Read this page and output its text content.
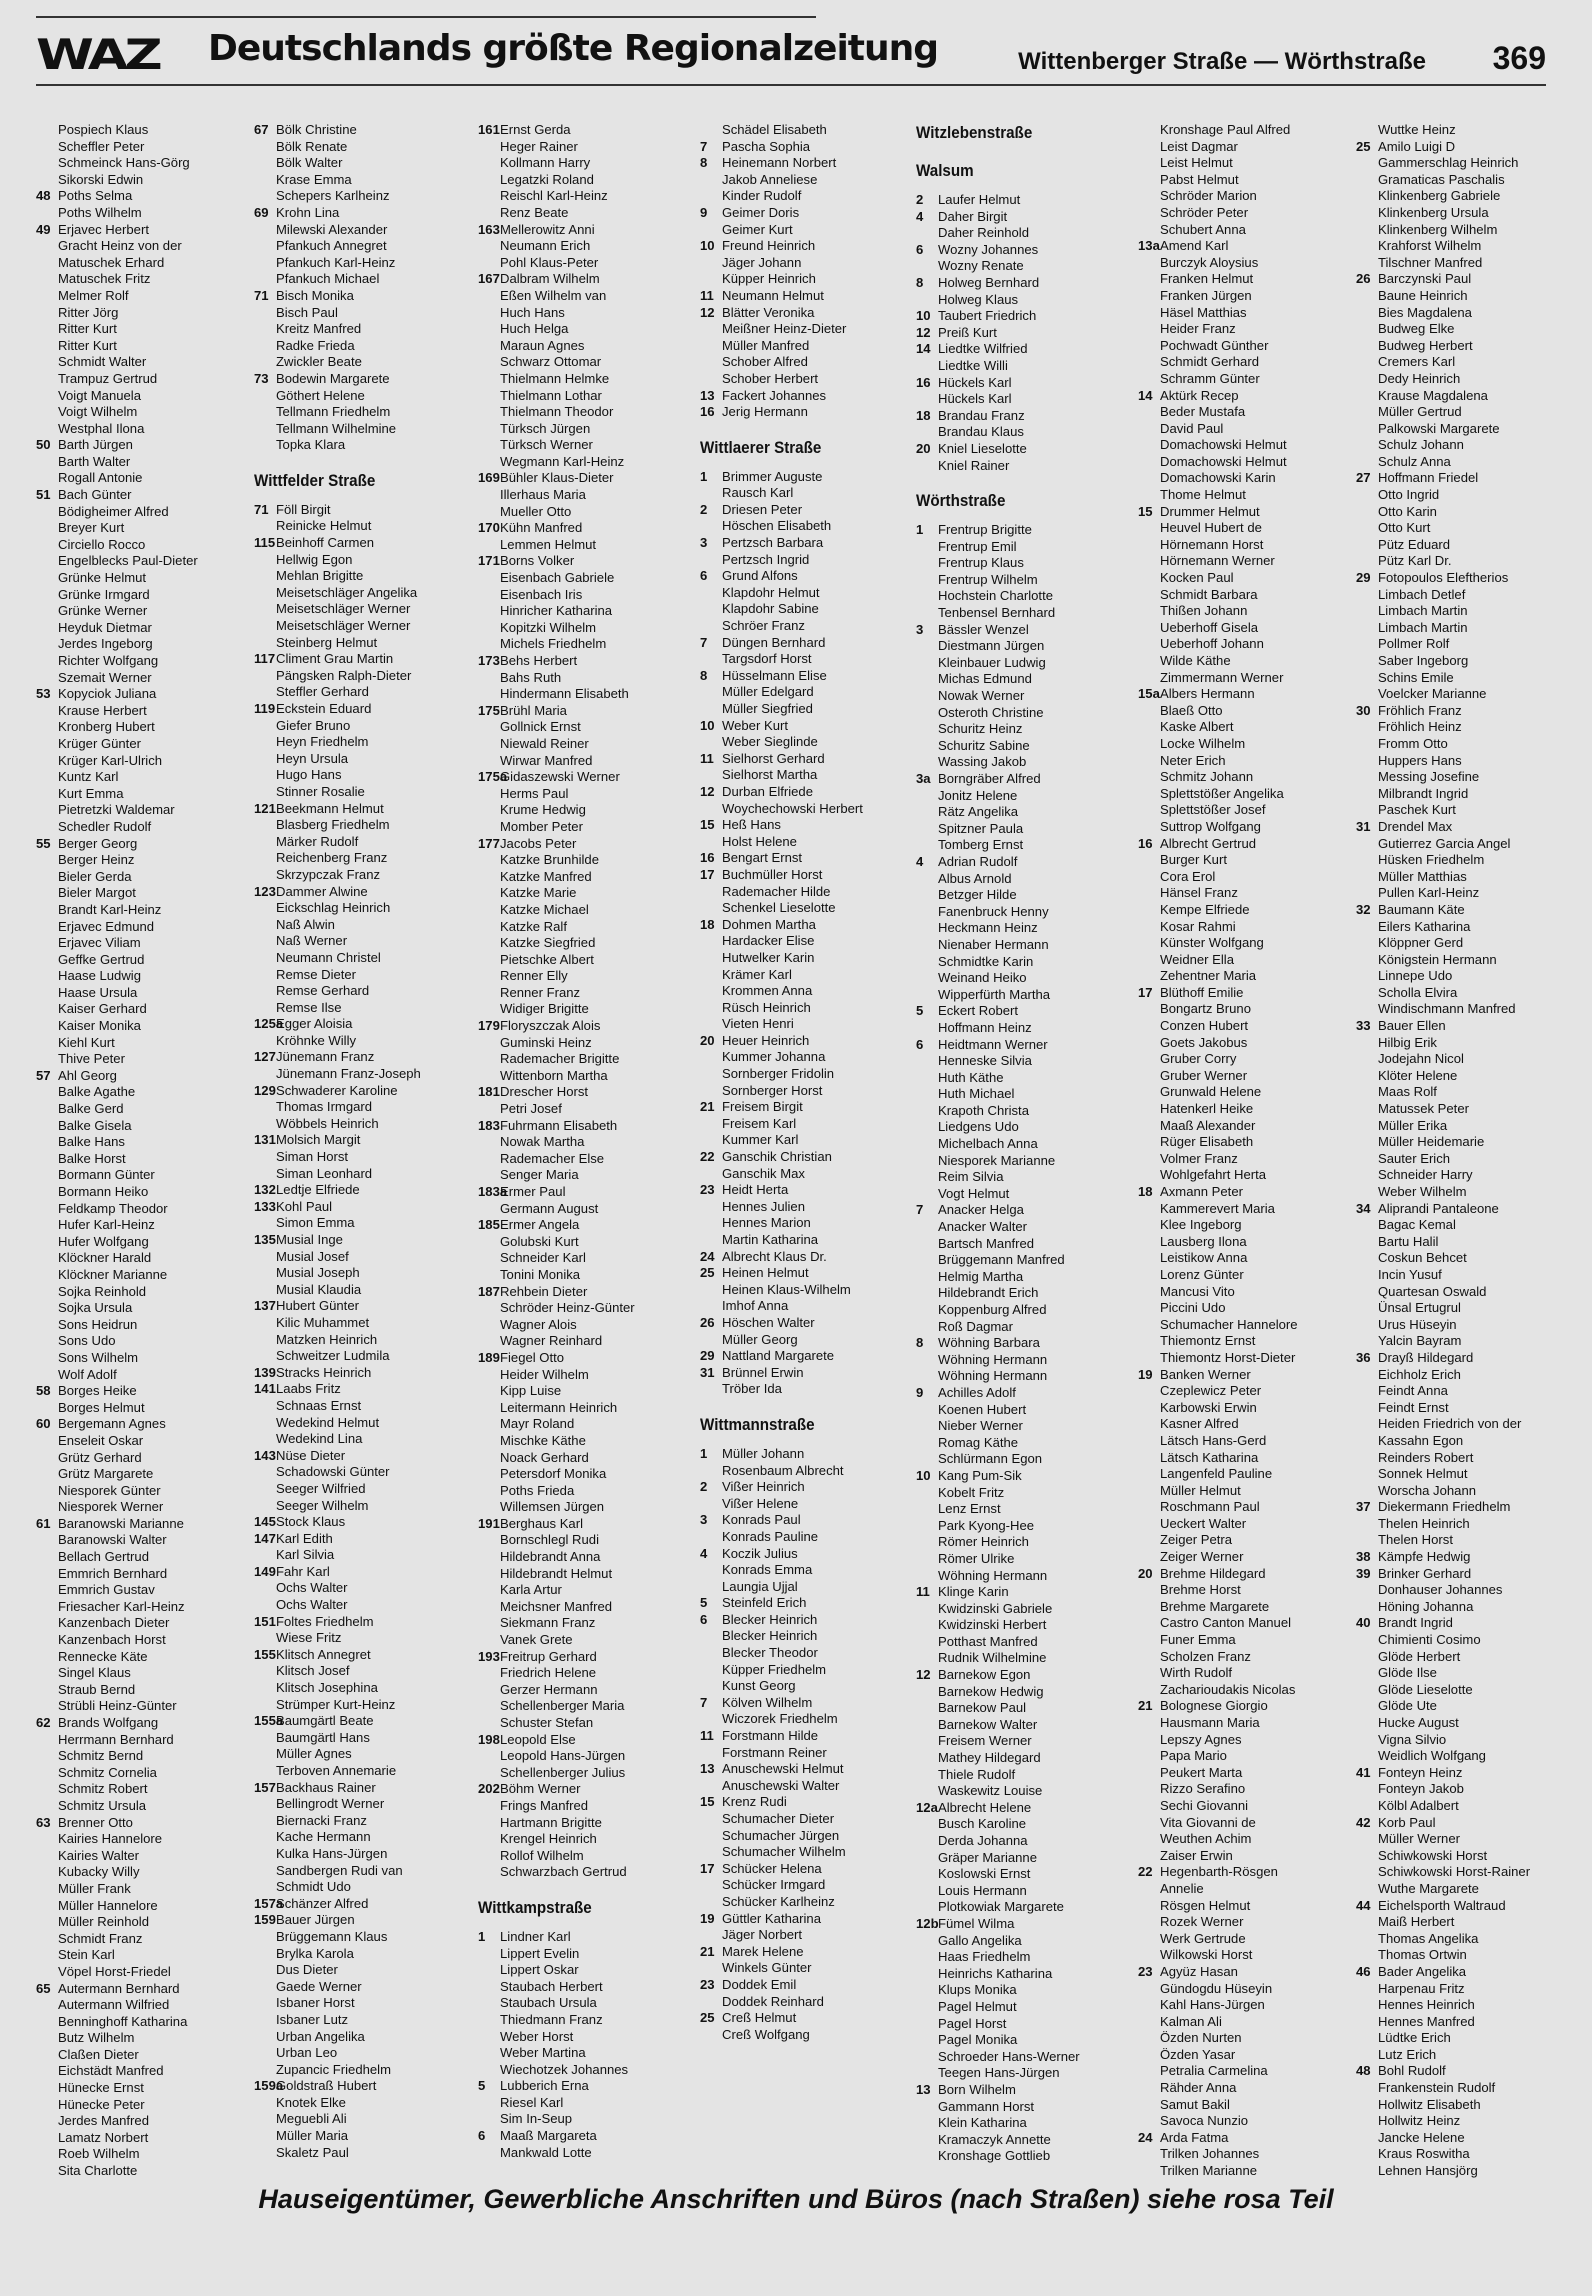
WAZ Deutschlands größte Regionalzeitung	Wittenberger Straße — Wörthstraße 369
Pospiech Klaus
Scheffler Peter
Schmeinck Hans-Görg
Sikorski Edwin
48 Poths Selma
Poths Wilhelm
49 Erjavec Herbert
Gracht Heinz von der
Matuschek Erhard
Matuschek Fritz
Melmer Rolf
Ritter Jörg
Ritter Kurt
Ritter Kurt
Schmidt Walter
Trampuz Gertrud
Voigt Manuela
Voigt Wilhelm
Westphal Ilona
50 Barth Jürgen
Barth Walter
Rogall Antonie
51 Bach Günter
Bödigheimer Alfred
Breyer Kurt
Circiello Rocco
Engelblecks Paul-Dieter
Grünke Helmut
Grünke Irmgard
Grünke Werner
Heyduk Dietmar
Jerdes Ingeborg
Richter Wolfgang
Szemait Werner
53 Kopyciok Juliana
Krause Herbert
Kronberg Hubert
Krüger Günter
Krüger Karl-Ulrich
Kuntz Karl
Kurt Emma
Pietretzki Waldemar
Schedler Rudolf
55 Berger Georg
Berger Heinz
Bieler Gerda
Bieler Margot
Brandt Karl-Heinz
Erjavec Edmund
Erjavec Viliam
Geffke Gertrud
Haase Ludwig
Haase Ursula
Kaiser Gerhard
Kaiser Monika
Kiehl Kurt
Thive Peter
57 Ahl Georg
Balke Agathe
Balke Gerd
Balke Gisela
Balke Hans
Balke Horst
Bormann Günter
Bormann Heiko
Feldkamp Theodor
Hufer Karl-Heinz
Hufer Wolfgang
Klöckner Harald
Klöckner Marianne
Sojka Reinhold
Sojka Ursula
Sons Heidrun
Sons Udo
Sons Wilhelm
Wolf Adolf
58 Borges Heike
Borges Helmut
60 Bergemann Agnes
Enseleit Oskar
Grütz Gerhard
Grütz Margarete
Niesporek Günter
Niesporek Werner
61 Baranowski Marianne
Baranowski Walter
Bellach Gertrud
Emmrich Bernhard
Emmrich Gustav
Friesacher Karl-Heinz
Kanzenbach Dieter
Kanzenbach Horst
Rennecke Käte
Singel Klaus
Straub Bernd
Strübli Heinz-Günter
62 Brands Wolfgang
Herrmann Bernhard
Schmitz Bernd
Schmitz Cornelia
Schmitz Robert
Schmitz Ursula
63 Brenner Otto
Kairies Hannelore
Kairies Walter
Kubacky Willy
Müller Frank
Müller Hannelore
Müller Reinhold
Schmidt Franz
Stein Karl
Vöpel Horst-Friedel
65 Autermann Bernhard
Autermann Wilfried
Benninghoff Katharina
Butz Wilhelm
Claßen Dieter
Eichstädt Manfred
Hünecke Ernst
Hünecke Peter
Jerdes Manfred
Lamatz Norbert
Roeb Wilhelm
Sita Charlotte
67 Bölk Christine
Bölk Renate
Bölk Walter
Krase Emma
Schepers Karlheinz
69 Krohn Lina
Milewski Alexander
Pfankuch Annegret
Pfankuch Karl-Heinz
Pfankuch Michael
71 Bisch Monika
Bisch Paul
Kreitz Manfred
Radke Frieda
Zwickler Beate
73 Bodewin Margarete
Göthert Helene
Tellmann Friedhelm
Tellmann Wilhelmine
Topka Klara
Wittfelder Straße
71 Föll Birgit
Reinicke Helmut
115 Beinhoff Carmen
Hellwig Egon
Mehlan Brigitte
Meisetschläger Angelika
Meisetschläger Werner
Meisetschläger Werner
Steinberg Helmut
117 Climent Grau Martin
Pängsken Ralph-Dieter
Steffler Gerhard
119 Eckstein Eduard
Giefer Bruno
Heyn Friedhelm
Heyn Ursula
Hugo Hans
Stinner Rosalie
121 Beekmann Helmut
Blasberg Friedhelm
Märker Rudolf
Reichenberg Franz
Skrzypczak Franz
123 Dammer Alwine
Eickschlag Heinrich
Naß Alwin
Naß Werner
Neumann Christel
Remse Dieter
Remse Gerhard
Remse Ilse
125a
Egger Aloisia
Kröhnke Willy
127 Jünemann Franz
Jünemann Franz-Joseph
129 Schwaderer Karoline
Thomas Irmgard
Wöbbels Heinrich
131 Molsich Margit
Siman Horst
Siman Leonhard
132 Ledtje Elfriede
133 Kohl Paul
Simon Emma
135 Musial Inge
Musial Josef
Musial Joseph
Musial Klaudia
137 Hubert Günter
Kilic Muhammet
Matzken Heinrich
Schweitzer Ludmila
139 Stracks Heinrich
141 Laabs Fritz
Schnaas Ernst
Wedekind Helmut
Wedekind Lina
143 Nüse Dieter
Schadowski Günter
Seeger Wilfried
Seeger Wilhelm
145 Stock Klaus
147 Karl Edith
Karl Silvia
149 Fahr Karl
Ochs Walter
Ochs Walter
151 Foltes Friedhelm
Wiese Fritz
155 Klitsch Annegret
Klitsch Josef
Klitsch Josephina
Strümper Kurt-Heinz
155a
Baumgärtl Beate
Baumgärtl Hans
Müller Agnes
Terboven Annemarie
157 Backhaus Rainer
Bellingrodt Werner
Biernacki Franz
Kache Hermann
Kulka Hans-Jürgen
Sandbergen Rudi van
Schmidt Udo
157a
Schänzer Alfred
159 Bauer Jürgen
Brüggemann Klaus
Brylka Karola
Dus Dieter
Gaede Werner
Isbaner Horst
Isbaner Lutz
Urban Angelika
Urban Leo
Zupancic Friedhelm
159a
Goldstraß Hubert
Knotek Elke
Meguebli Ali
Müller Maria
Skaletz Paul
161 Ernst Gerda
Heger Rainer
Kollmann Harry
Legatzki Roland
Reischl Karl-Heinz
Renz Beate
163 Mellerowitz Anni
Neumann Erich
Pohl Klaus-Peter
167 Dalbram Wilhelm
Eßen Wilhelm van
Huch Hans
Huch Helga
Maraun Agnes
Schwarz Ottomar
Thielmann Helmke
Thielmann Lothar
Thielmann Theodor
Türksch Jürgen
Türksch Werner
Wegmann Karl-Heinz
169 Bühler Klaus-Dieter
Illerhaus Maria
Mueller Otto
170 Kühn Manfred
Lemmen Helmut
171 Borns Volker
Eisenbach Gabriele
Eisenbach Iris
Hinricher Katharina
Kopitzki Wilhelm
Michels Friedhelm
173 Behs Herbert
Bahs Ruth
Hindermann Elisabeth
175 Brühl Maria
Gollnick Ernst
Niewald Reiner
Wirwar Manfred
175a
Gidaszewski Werner
Herms Paul
Krume Hedwig
Momber Peter
177 Jacobs Peter
Katzke Brunhilde
Katzke Manfred
Katzke Marie
Katzke Michael
Katzke Ralf
Katzke Siegfried
Pietschke Albert
Renner Elly
Renner Franz
Widiger Brigitte
179 Floryszczak Alois
Guminski Heinz
Rademacher Brigitte
Wittenborn Martha
181 Drescher Horst
Petri Josef
183 Fuhrmann Elisabeth
Nowak Martha
Rademacher Else
Senger Maria
183a
Ermer Paul
Germann August
185 Ermer Angela
Golubski Kurt
Schneider Karl
Tonini Monika
187 Rehbein Dieter
Schröder Heinz-Günter
Wagner Alois
Wagner Reinhard
189 Fiegel Otto
Heider Wilhelm
Kipp Luise
Leitermann Heinrich
Mayr Roland
Mischke Käthe
Noack Gerhard
Petersdorf Monika
Poths Frieda
Willemsen Jürgen
191 Berghaus Karl
Bornschlegl Rudi
Hildebrandt Anna
Hildebrandt Helmut
Karla Artur
Meichsner Manfred
Siekmann Franz
Vanek Grete
193 Freitrup Gerhard
Friedrich Helene
Gerzer Hermann
Schellenberger Maria
Schuster Stefan
198 Leopold Else
Leopold Hans-Jürgen
Schellenberger Julius
202 Böhm Werner
Frings Manfred
Hartmann Brigitte
Krengel Heinrich
Rollof Wilhelm
Schwarzbach Gertrud
Wittkampstraße
1 Lindner Karl
Lippert Evelin
Lippert Oskar
Staubach Herbert
Staubach Ursula
Thiedmann Franz
Weber Horst
Weber Martina
Wiechotzek Johannes
5 Lubberich Erna
Riesel Karl
Sim In-Seup
6 Maaß Margareta
Mankwald Lotte
Schädel Elisabeth
7 Pascha Sophia
8 Heinemann Norbert
Jakob Anneliese
Kinder Rudolf
9 Geimer Doris
Geimer Kurt
10 Freund Heinrich
Jäger Johann
Küpper Heinrich
11 Neumann Helmut
12 Blätter Veronika
Meißner Heinz-Dieter
Müller Manfred
Schober Alfred
Schober Herbert
13 Fackert Johannes
16 Jerig Hermann
Wittlaerer Straße
1 Brimmer Auguste
Rausch Karl
2 Driesen Peter
Höschen Elisabeth
3 Pertzsch Barbara
Pertzsch Ingrid
6 Grund Alfons
Klapdohr Helmut
Klapdohr Sabine
Schröer Franz
7 Düngen Bernhard
Targsdorf Horst
8 Hüsselmann Elise
Müller Edelgard
Müller Siegfried
10 Weber Kurt
Weber Sieglinde
11 Sielhorst Gerhard
Sielhorst Martha
12 Durban Elfriede
Woychechowski Herbert
15 Heß Hans
Holst Helene
16 Bengart Ernst
17 Buchmüller Horst
Rademacher Hilde
Schenkel Lieselotte
18 Dohmen Martha
Hardacker Elise
Hutwelker Karin
Krämer Karl
Krommen Anna
Rüsch Heinrich
Vieten Henri
20 Heuer Heinrich
Kummer Johanna
Sornberger Fridolin
Sornberger Horst
21 Freisem Birgit
Freisem Karl
Kummer Karl
22 Ganschik Christian
Ganschik Max
23 Heidt Herta
Hennes Julien
Hennes Marion
Martin Katharina
24 Albrecht Klaus Dr.
25 Heinen Helmut
Heinen Klaus-Wilhelm
Imhof Anna
26 Höschen Walter
Müller Georg
29 Nattland Margarete
31 Brünnel Erwin
Tröber Ida
Wittmannstraße
1 Müller Johann
Rosenbaum Albrecht
2 Vißer Heinrich
Vißer Helene
3 Konrads Paul
Konrads Pauline
4 Koczik Julius
Konrads Emma
Laungia Ujjal
5 Steinfeld Erich
6 Blecker Heinrich
Blecker Heinrich
Blecker Theodor
Küpper Friedhelm
Kunst Georg
7 Kölven Wilhelm
Wiczorek Friedhelm
11 Forstmann Hilde
Forstmann Reiner
13 Anuschewski Helmut
Anuschewski Walter
15 Krenz Rudi
Schumacher Dieter
Schumacher Jürgen
Schumacher Wilhelm
17 Schücker Helena
Schücker Irmgard
Schücker Karlheinz
19 Güttler Katharina
Jäger Norbert
21 Marek Helene
Winkels Günter
23 Doddek Emil
Doddek Reinhard
25 Creß Helmut
Creß Wolfgang
Witzlebenstraße
Walsum
2 Laufer Helmut
4 Daher Birgit
Daher Reinhold
6 Wozny Johannes
Wozny Renate
8 Holweg Bernhard
Holweg Klaus
10 Taubert Friedrich
12 Preiß Kurt
14 Liedtke Wilfried
Liedtke Willi
16 Hückels Karl
Hückels Karl
18 Brandau Franz
Brandau Klaus
20 Kniel Lieselotte
Kniel Rainer
Wörthstraße
1 Frentrup Brigitte
Frentrup Emil
Frentrup Klaus
Frentrup Wilhelm
Hochstein Charlotte
Tenbensel Bernhard
3 Bässler Wenzel
Diestmann Jürgen
Kleinbauer Ludwig
Michas Edmund
Nowak Werner
Osteroth Christine
Schuritz Heinz
Schuritz Sabine
Wassing Jakob
3a Borngräber Alfred
Jonitz Helene
Rätz Angelika
Spitzner Paula
Tomberg Ernst
4 Adrian Rudolf
Albus Arnold
Betzger Hilde
Fanenbruck Henny
Heckmann Heinz
Nienaber Hermann
Schmidtke Karin
Weinand Heiko
Wipperfürth Martha
5 Eckert Robert
Hoffmann Heinz
6 Heidtmann Werner
Henneske Silvia
Huth Käthe
Huth Michael
Krapoth Christa
Liedgens Udo
Michelbach Anna
Niesporek Marianne
Reim Silvia
Vogt Helmut
7 Anacker Helga
Anacker Walter
Bartsch Manfred
Brüggemann Manfred
Helmig Martha
Hildebrandt Erich
Koppenburg Alfred
Roß Dagmar
8 Wöhning Barbara
Wöhning Hermann
Wöhning Hermann
9 Achilles Adolf
Koenen Hubert
Nieber Werner
Romag Käthe
Schlürmann Egon
10 Kang Pum-Sik
Kobelt Fritz
Lenz Ernst
Park Kyong-Hee
Römer Heinrich
Römer Ulrike
Wöhning Hermann
11 Klinge Karin
Kwidzinski Gabriele
Kwidzinski Herbert
Potthast Manfred
Rudnik Wilhelmine
12 Barnekow Egon
Barnekow Hedwig
Barnekow Paul
Barnekow Walter
Freisem Werner
Mathey Hildegard
Thiele Rudolf
Waskewitz Louise
12a Albrecht Helene
Busch Karoline
Derda Johanna
Gräper Marianne
Koslowski Ernst
Louis Hermann
Plotkowiak Margarete
12b Fümel Wilma
Gallo Angelika
Haas Friedhelm
Heinrichs Katharina
Klups Monika
Pagel Helmut
Pagel Horst
Pagel Monika
Schroeder Hans-Werner
Teegen Hans-Jürgen
13 Born Wilhelm
Gammann Horst
Klein Katharina
Kramaczyk Annette
Kronshage Gottlieb
Kronshage Paul Alfred
Leist Dagmar
Leist Helmut
Pabst Helmut
Schröder Marion
Schröder Peter
Schubert Anna
13a Amend Karl
Burczyk Aloysius
Franken Helmut
Franken Jürgen
Häsel Matthias
Heider Franz
Pochwadt Günther
Schmidt Gerhard
Schramm Günter
14 Aktürk Recep
Beder Mustafa
David Paul
Domachowski Helmut
Domachowski Helmut
Domachowski Karin
Thome Helmut
15 Drummer Helmut
Heuvel Hubert de
Hörnemann Horst
Hörnemann Werner
Kocken Paul
Schmidt Barbara
Thißen Johann
Ueberhoff Gisela
Ueberhoff Johann
Wilde Käthe
Zimmermann Werner
15a Albers Hermann
Blaeß Otto
Kaske Albert
Locke Wilhelm
Neter Erich
Schmitz Johann
Splettstößer Angelika
Splettstößer Josef
Suttrop Wolfgang
16 Albrecht Gertrud
Burger Kurt
Cora Erol
Hänsel Franz
Kempe Elfriede
Kosar Rahmi
Künster Wolfgang
Weidner Ella
Zehentner Maria
17 Blüthoff Emilie
Bongartz Bruno
Conzen Hubert
Goets Jakobus
Gruber Corry
Gruber Werner
Grunwald Helene
Hatenkerl Heike
Maaß Alexander
Rüger Elisabeth
Volmer Franz
Wohlgefahrt Herta
18 Axmann Peter
Kammerevert Maria
Klee Ingeborg
Lausberg Ilona
Leistikow Anna
Lorenz Günter
Mancusi Vito
Piccini Udo
Schumacher Hannelore
Thiemontz Ernst
Thiemontz Horst-Dieter
19 Banken Werner
Czeplewicz Peter
Karbowski Erwin
Kasner Alfred
Lätsch Hans-Gerd
Lätsch Katharina
Langenfeld Pauline
Müller Helmut
Roschmann Paul
Ueckert Walter
Zeiger Petra
Zeiger Werner
20 Brehme Hildegard
Brehme Horst
Brehme Margarete
Castro Canton Manuel
Funer Emma
Scholzen Franz
Wirth Rudolf
Zacharioudakis Nicolas
21 Bolognese Giorgio
Hausmann Maria
Lepszy Agnes
Papa Mario
Peukert Marta
Rizzo Serafino
Sechi Giovanni
Vita Giovanni de
Weuthen Achim
Zaiser Erwin
22 Hegenbarth-Rösgen
Annelie
Rösgen Helmut
Rozek Werner
Werk Gertrude
Wilkowski Horst
23 Agyüz Hasan
Gündogdu Hüseyin
Kahl Hans-Jürgen
Kalman Ali
Özden Nurten
Özden Yasar
Petralia Carmelina
Rähder Anna
Samut Bakil
Savoca Nunzio
24 Arda Fatma
Trilken Johannes
Trilken Marianne
Wuttke Heinz
25 Amilo Luigi D
Gammerschlag Heinrich
Gramaticas Paschalis
Klinkenberg Gabriele
Klinkenberg Ursula
Klinkenberg Wilhelm
Krahforst Wilhelm
Tilschner Manfred
26 Barczynski Paul
Baune Heinrich
Bies Magdalena
Budweg Elke
Budweg Herbert
Cremers Karl
Dedy Heinrich
Krause Magdalena
Müller Gertrud
Palkowski Margarete
Schulz Johann
Schulz Anna
27 Hoffmann Friedel
Otto Ingrid
Otto Karin
Otto Kurt
Pütz Eduard
Pütz Karl Dr.
29 Fotopoulos Eleftherios
Limbach Detlef
Limbach Martin
Limbach Martin
Pollmer Rolf
Saber Ingeborg
Schins Emile
Voelcker Marianne
30 Fröhlich Franz
Fröhlich Heinz
Fromm Otto
Huppers Hans
Messing Josefine
Milbrandt Ingrid
Paschek Kurt
31 Drendel Max
Gutierrez Garcia Angel
Hüsken Friedhelm
Müller Matthias
Pullen Karl-Heinz
32 Baumann Käte
Eilers Katharina
Klöppner Gerd
Königstein Hermann
Linnepe Udo
Scholla Elvira
Windischmann Manfred
33 Bauer Ellen
Hilbig Erik
Jodejahn Nicol
Klöter Helene
Maas Rolf
Matussek Peter
Müller Erika
Müller Heidemarie
Sauter Erich
Schneider Harry
Weber Wilhelm
34 Aliprandi Pantaleone
Bagac Kemal
Bartu Halil
Coskun Behcet
Incin Yusuf
Quartesan Oswald
Ünsal Ertugrul
Urus Hüseyin
Yalcin Bayram
36 Drayß Hildegard
Eichholz Erich
Feindt Anna
Feindt Ernst
Heiden Friedrich von der
Kassahn Egon
Reinders Robert
Sonnek Helmut
Worscha Johann
37 Diekermann Friedhelm
Thelen Heinrich
Thelen Horst
38 Kämpfe Hedwig
39 Brinker Gerhard
Donhauser Johannes
Höning Johanna
40 Brandt Ingrid
Chimienti Cosimo
Glöde Herbert
Glöde Ilse
Glöde Lieselotte
Glöde Ute
Hucke August
Vigna Silvio
Weidlich Wolfgang
41 Fonteyn Heinz
Fonteyn Jakob
Kölbl Adalbert
42 Korb Paul
Müller Werner
Schiwkowski Horst
Schiwkowski Horst-Rainer
Wuthe Margarete
44 Eichelsporth Waltraud
Maiß Herbert
Thomas Angelika
Thomas Ortwin
46 Bader Angelika
Harpenau Fritz
Hennes Heinrich
Hennes Manfred
Lüdtke Erich
Lutz Erich
48 Bohl Rudolf
Frankenstein Rudolf
Hollwitz Elisabeth
Hollwitz Heinz
Jancke Helene
Kraus Roswitha
Lehnen Hansjörg
Hauseigentümer, Gewerbliche Anschriften und Büros (nach Straßen) siehe rosa Teil
